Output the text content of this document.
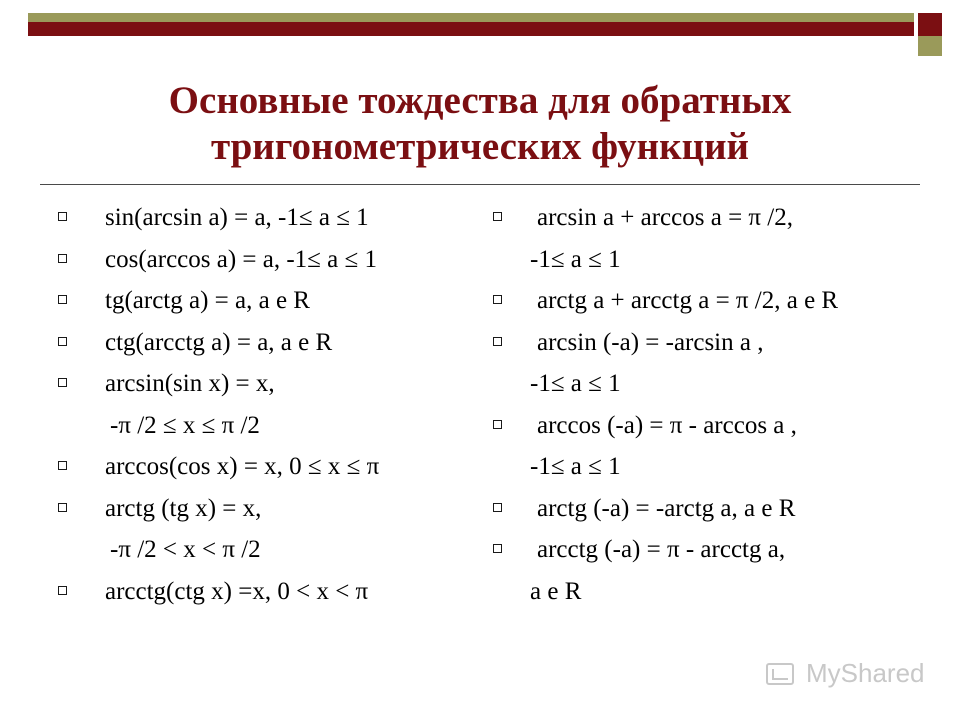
Основные тождества для обратных
тригонометрических функций
sin(arcsin a) = a, -1≤ a ≤ 1
cos(arccos a) = a, -1≤ a ≤ 1
tg(arctg a) = a, a e R
ctg(arcctg a) = a, a e R
arcsin(sin x) = x,
-π /2 ≤ x ≤ π /2
arccos(cos x) = x, 0 ≤ x ≤ π
arctg (tg x) = x,
-π /2 < x < π /2
arcctg(ctg x) =x, 0 < x < π
arcsin a + arccos a = π /2,
-1≤ a ≤ 1
arctg a + arcctg a = π /2, a e R
arcsin (-a) = -arcsin a ,
-1≤ a ≤ 1
arccos (-a) = π - arccos a ,
-1≤ a ≤ 1
arctg (-a) = -arctg a, a e R
arcctg (-a) = π - arcctg a,
a e R
MyShared
